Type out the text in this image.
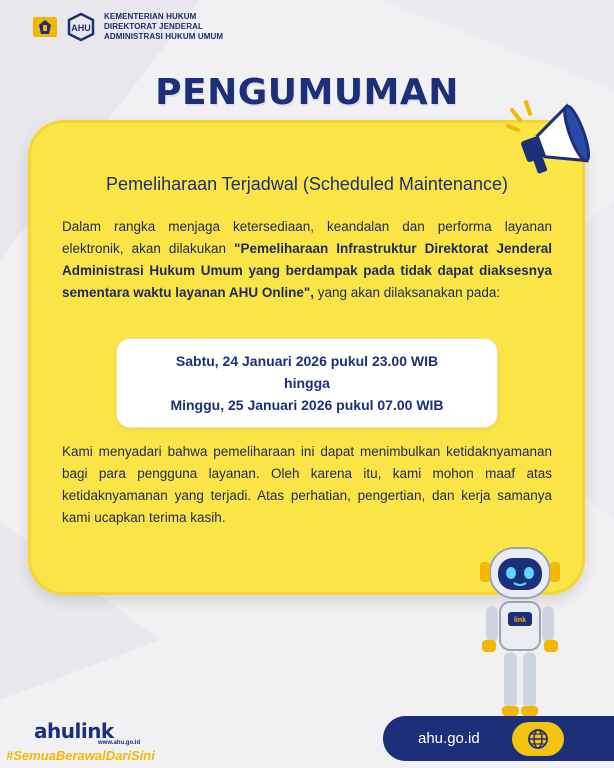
AHU
KEMENTERIAN HUKUM
DIREKTORAT JENDERAL
ADMINISTRASI HUKUM UMUM
PENGUMUMAN
Pemeliharaan Terjadwal (Scheduled Maintenance)

Dalam rangka menjaga ketersediaan, keandalan dan performa layanan elektronik, akan dilakukan "Pemeliharaan Infrastruktur Direktorat Jenderal Administrasi Hukum Umum yang berdampak pada tidak dapat diaksesnya sementara waktu layanan AHU Online", yang akan dilaksanakan pada:

Sabtu, 24 Januari 2026 pukul 23.00 WIB
hingga
Minggu, 25 Januari 2026 pukul 07.00 WIB

Kami menyadari bahwa pemeliharaan ini dapat menimbulkan ketidaknyamanan bagi para pengguna layanan. Oleh karena itu, kami mohon maaf atas ketidaknyamanan yang terjadi. Atas perhatian, pengertian, dan kerja samanya kami ucapkan terima kasih.

link
ahulink
www.ahu.go.id
#SemuaBerawalDariSini
ahu.go.id
